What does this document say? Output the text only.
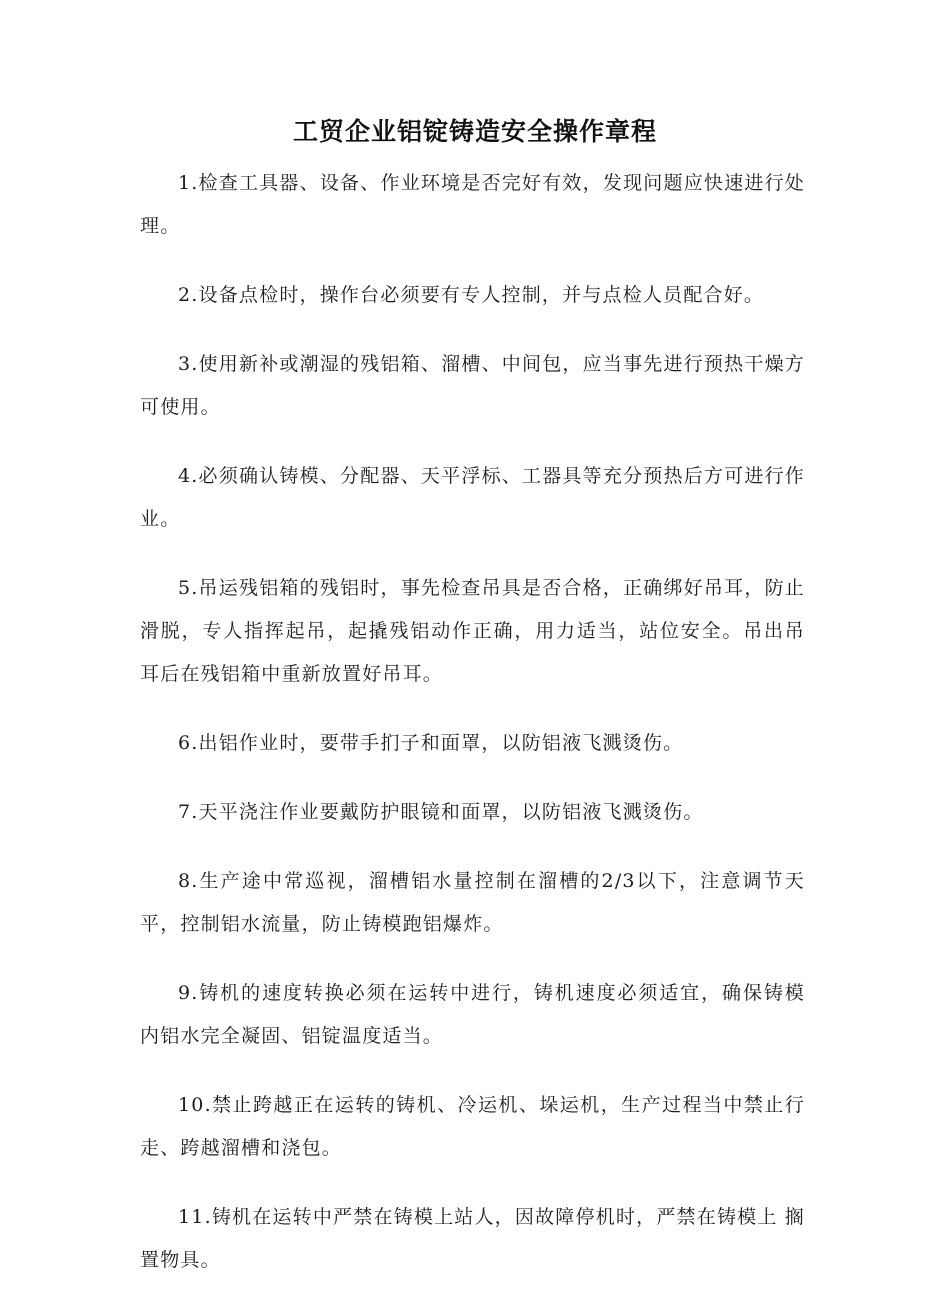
工贸企业铝锭铸造安全操作章程

1.检查工具器、设备、作业环境是否完好有效，发现问题应快速进行处理。

2.设备点检时，操作台必须要有专人控制，并与点检人员配合好。

3.使用新补或潮湿的残铝箱、溜槽、中间包，应当事先进行预热干燥方可使用。

4.必须确认铸模、分配器、天平浮标、工器具等充分预热后方可进行作业。

5.吊运残铝箱的残铝时，事先检查吊具是否合格，正确绑好吊耳，防止滑脱，专人指挥起吊，起撬残铝动作正确，用力适当，站位安全。吊出吊耳后在残铝箱中重新放置好吊耳。

6.出铝作业时，要带手扪子和面罩，以防铝液飞溅烫伤。

7.天平浇注作业要戴防护眼镜和面罩，以防铝液飞溅烫伤。

8.生产途中常巡视，溜槽铝水量控制在溜槽的2/3以下，注意调节天 平，控制铝水流量，防止铸模跑铝爆炸。

9.铸机的速度转换必须在运转中进行，铸机速度必须适宜，确保铸模 内铝水完全凝固、铝锭温度适当。

10.禁止跨越正在运转的铸机、冷运机、垛运机，生产过程当中禁止行走、跨越溜槽和浇包。

11.铸机在运转中严禁在铸模上站人，因故障停机时，严禁在铸模上 搁置物具。
